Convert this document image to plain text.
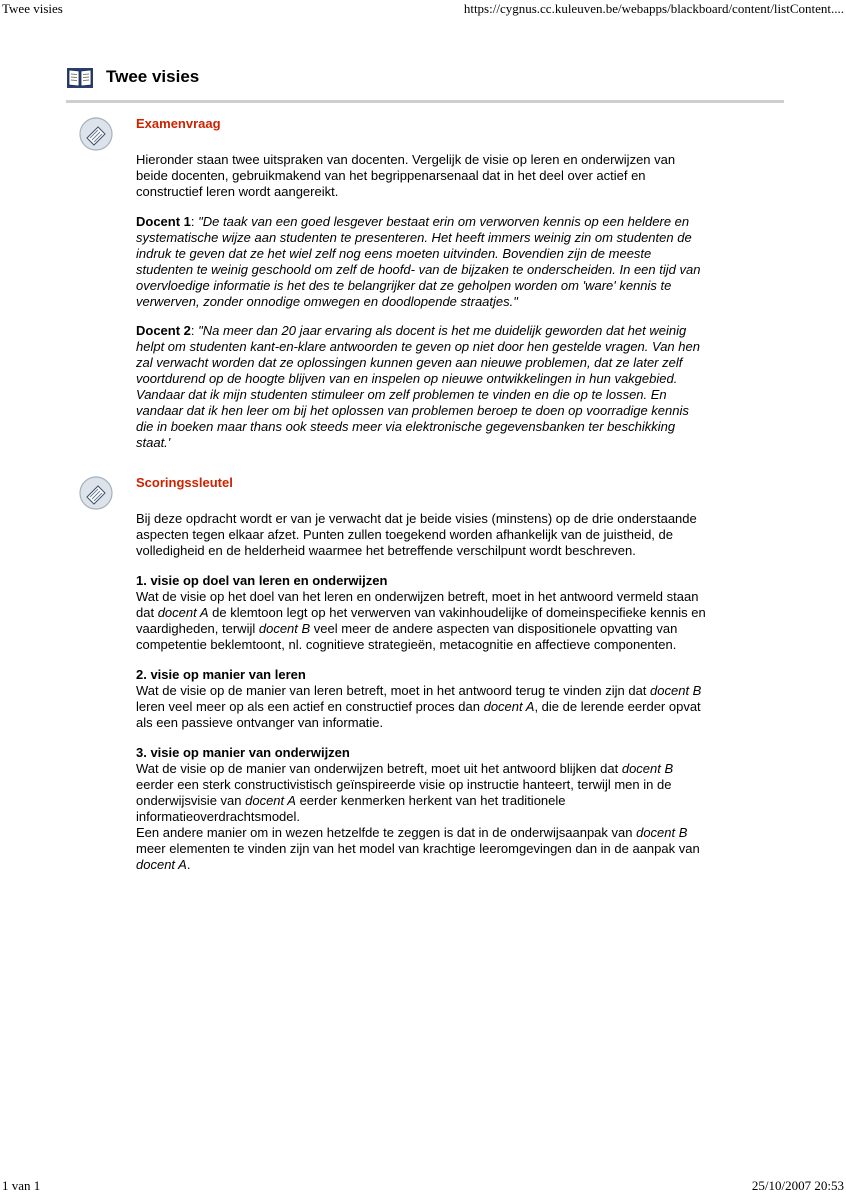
Twee visies	https://cygnus.cc.kuleuven.be/webapps/blackboard/content/listContent....
Twee visies
Examenvraag

Hieronder staan twee uitspraken van docenten. Vergelijk de visie op leren en onderwijzen van beide docenten, gebruikmakend van het begrippenarsenaal dat in het deel over actief en constructief leren wordt aangereikt.

Docent 1: "De taak van een goed lesgever bestaat erin om verworven kennis op een heldere en systematische wijze aan studenten te presenteren. Het heeft immers weinig zin om studenten de indruk te geven dat ze het wiel zelf nog eens moeten uitvinden. Bovendien zijn de meeste studenten te weinig geschoold om zelf de hoofd- van de bijzaken te onderscheiden. In een tijd van overvloedige informatie is het des te belangrijker dat ze geholpen worden om 'ware' kennis te verwerven, zonder onnodige omwegen en doodlopende straatjes."

Docent 2: "Na meer dan 20 jaar ervaring als docent is het me duidelijk geworden dat het weinig helpt om studenten kant-en-klare antwoorden te geven op niet door hen gestelde vragen. Van hen zal verwacht worden dat ze oplossingen kunnen geven aan nieuwe problemen, dat ze later zelf voortdurend op de hoogte blijven van en inspelen op nieuwe ontwikkelingen in hun vakgebied. Vandaar dat ik mijn studenten stimuleer om zelf problemen te vinden en die op te lossen. En vandaar dat ik hen leer om bij het oplossen van problemen beroep te doen op voorradige kennis die in boeken maar thans ook steeds meer via elektronische gegevensbanken ter beschikking staat.'

Scoringssleutel

Bij deze opdracht wordt er van je verwacht dat je beide visies (minstens) op de drie onderstaande aspecten tegen elkaar afzet. Punten zullen toegekend worden afhankelijk van de juistheid, de volledigheid en de helderheid waarmee het betreffende verschilpunt wordt beschreven.

1. visie op doel van leren en onderwijzen
Wat de visie op het doel van het leren en onderwijzen betreft, moet in het antwoord vermeld staan dat docent A de klemtoon legt op het verwerven van vakinhoudelijke of domeinspecifieke kennis en vaardigheden, terwijl docent B veel meer de andere aspecten van dispositionele opvatting van competentie beklemtoont, nl. cognitieve strategieën, metacognitie en affectieve componenten.

2. visie op manier van leren
Wat de visie op de manier van leren betreft, moet in het antwoord terug te vinden zijn dat docent B leren veel meer op als een actief en constructief proces dan docent A, die de lerende eerder opvat als een passieve ontvanger van informatie.

3. visie op manier van onderwijzen
Wat de visie op de manier van onderwijzen betreft, moet uit het antwoord blijken dat docent B eerder een sterk constructivistisch geïnspireerde visie op instructie hanteert, terwijl men in de onderwijsvisie van docent A eerder kenmerken herkent van het traditionele informatieoverdrachtsmodel.
Een andere manier om in wezen hetzelfde te zeggen is dat in de onderwijsaanpak van docent B meer elementen te vinden zijn van het model van krachtige leeromgevingen dan in de aanpak van docent A.

1 van 1	25/10/2007 20:53
